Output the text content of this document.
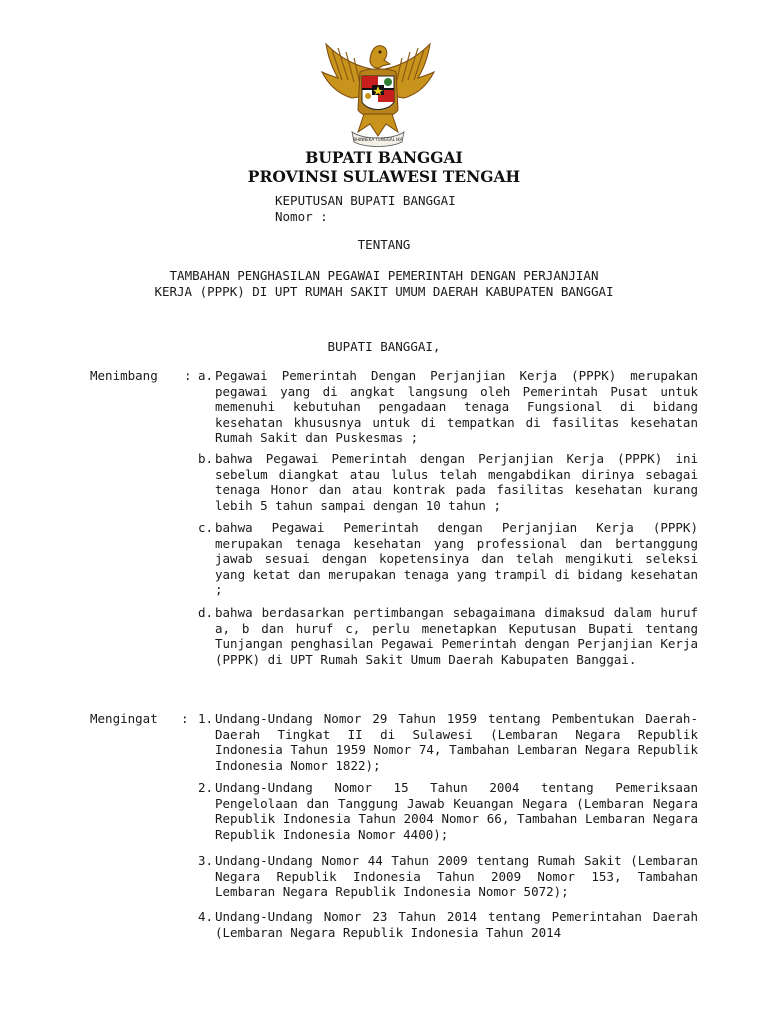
BHINNEKA TUNGGAL IKA
BUPATI BANGGAI
PROVINSI SULAWESI TENGAH
KEPUTUSAN BUPATI BANGGAI
Nomor :
TENTANG
TAMBAHAN PENGHASILAN PEGAWAI PEMERINTAH DENGAN PERJANJIAN
KERJA (PPPK) DI UPT RUMAH SAKIT UMUM DAERAH KABUPATEN BANGGAI
BUPATI BANGGAI,
Menimbang : a. Pegawai Pemerintah Dengan Perjanjian Kerja (PPPK) merupakan pegawai yang di angkat langsung oleh Pemerintah Pusat untuk memenuhi kebutuhan pengadaan tenaga Fungsional di bidang kesehatan khususnya untuk di tempatkan di fasilitas kesehatan Rumah Sakit dan Puskesmas ;

b. bahwa Pegawai Pemerintah dengan Perjanjian Kerja (PPPK) ini sebelum diangkat atau lulus telah mengabdikan dirinya sebagai tenaga Honor dan atau kontrak pada fasilitas kesehatan kurang lebih 5 tahun sampai dengan 10 tahun ;

c. bahwa Pegawai Pemerintah dengan Perjanjian Kerja (PPPK) merupakan tenaga kesehatan yang professional dan bertanggung jawab sesuai dengan kopetensinya dan telah mengikuti seleksi yang ketat dan merupakan tenaga yang trampil di bidang kesehatan ;

d. bahwa berdasarkan pertimbangan sebagaimana dimaksud dalam huruf a, b dan huruf c, perlu menetapkan Keputusan Bupati tentang Tunjangan penghasilan Pegawai Pemerintah dengan Perjanjian Kerja (PPPK) di UPT Rumah Sakit Umum Daerah Kabupaten Banggai.

Mengingat : 1. Undang-Undang Nomor 29 Tahun 1959 tentang Pembentukan Daerah-Daerah Tingkat II di Sulawesi (Lembaran Negara Republik Indonesia Tahun 1959 Nomor 74, Tambahan Lembaran Negara Republik Indonesia Nomor 1822);

2. Undang-Undang Nomor 15 Tahun 2004 tentang Pemeriksaan Pengelolaan dan Tanggung Jawab Keuangan Negara (Lembaran Negara Republik Indonesia Tahun 2004 Nomor 66, Tambahan Lembaran Negara Republik Indonesia Nomor 4400);

3. Undang-Undang Nomor 44 Tahun 2009 tentang Rumah Sakit (Lembaran Negara Republik Indonesia Tahun 2009 Nomor 153, Tambahan Lembaran Negara Republik Indonesia Nomor 5072);

4. Undang-Undang Nomor 23 Tahun 2014 tentang Pemerintahan Daerah (Lembaran Negara Republik Indonesia Tahun 2014
